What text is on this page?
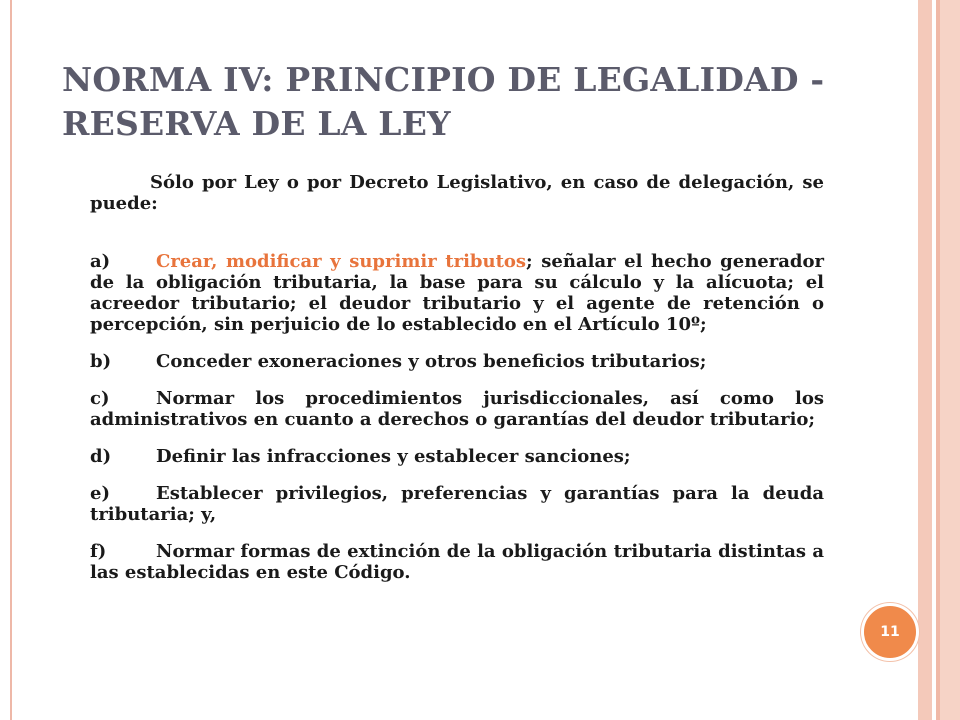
NORMA IV: PRINCIPIO DE LEGALIDAD - RESERVA DE LA LEY

Sólo por Ley o por Decreto Legislativo, en caso de delegación, se puede:

a)	Crear, modificar y suprimir tributos; señalar el hecho generador de la obligación tributaria, la base para su cálculo y la alícuota; el acreedor tributario; el deudor tributario y el agente de retención o percepción, sin perjuicio de lo establecido en el Artículo 10º;

b) Conceder exoneraciones y otros beneficios tributarios;

c)	Normar los procedimientos jurisdiccionales, así como los administrativos en cuanto a derechos o garantías del deudor tributario;

d) Definir las infracciones y establecer sanciones;

e)	Establecer privilegios, preferencias y garantías para la deuda tributaria; y,

f)	Normar formas de extinción de la obligación tributaria distintas a las establecidas en este Código.

11
